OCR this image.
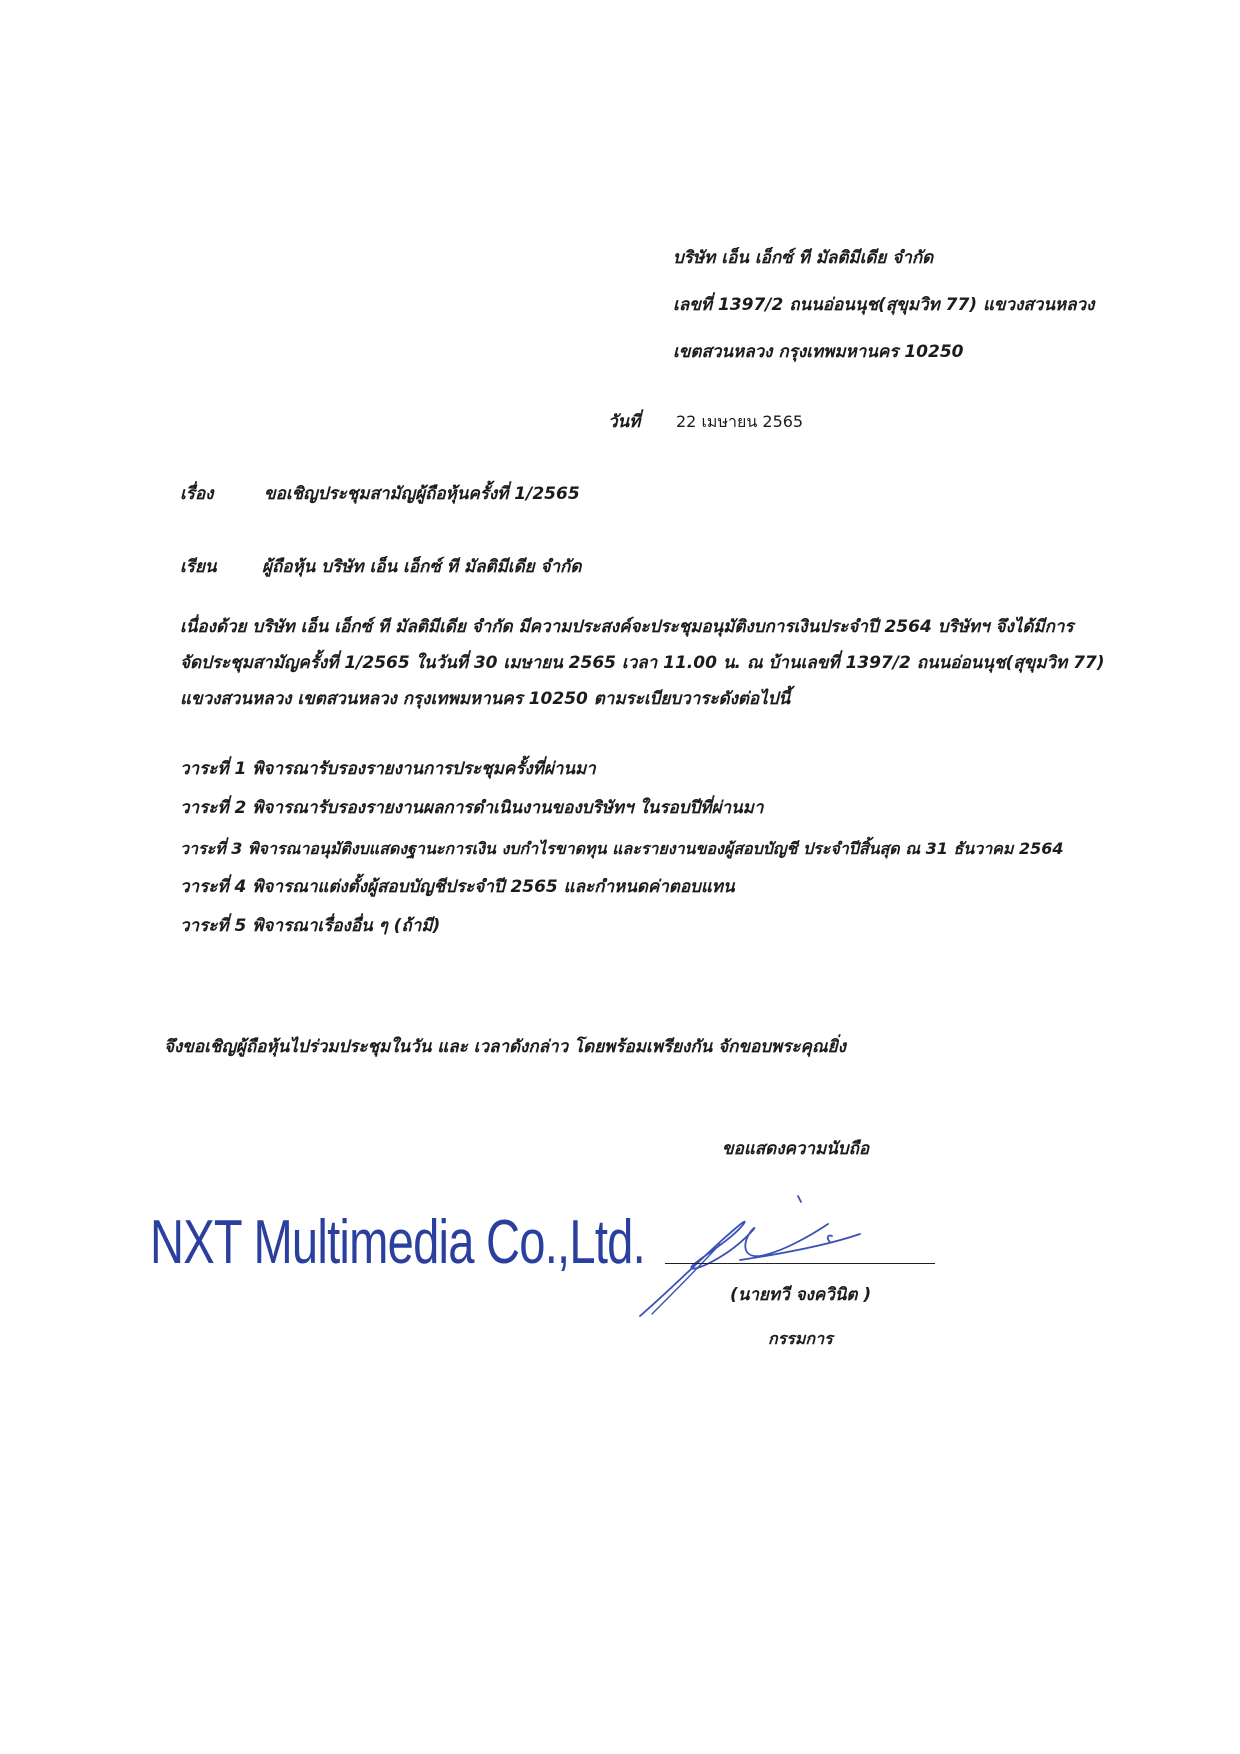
บริษัท เอ็น เอ็กซ์ ที มัลติมีเดีย จำกัด
เลขที่ 1397/2 ถนนอ่อนนุช(สุขุมวิท 77) แขวงสวนหลวง
เขตสวนหลวง กรุงเทพมหานคร 10250
วันที่ 22 เมษายน 2565
เรื่อง	ขอเชิญประชุมสามัญผู้ถือหุ้นครั้งที่ 1/2565
เรียน	ผู้ถือหุ้น บริษัท เอ็น เอ็กซ์ ที มัลติมีเดีย จำกัด
เนื่องด้วย บริษัท เอ็น เอ็กซ์ ที มัลติมีเดีย จำกัด มีความประสงค์จะประชุมอนุมัติงบการเงินประจำปี 2564 บริษัทฯ จึงได้มีการ
จัดประชุมสามัญครั้งที่ 1/2565 ในวันที่ 30 เมษายน 2565 เวลา 11.00 น. ณ บ้านเลขที่ 1397/2 ถนนอ่อนนุช(สุขุมวิท 77)
แขวงสวนหลวง เขตสวนหลวง กรุงเทพมหานคร 10250 ตามระเบียบวาระดังต่อไปนี้
วาระที่ 1 พิจารณารับรองรายงานการประชุมครั้งที่ผ่านมา
วาระที่ 2 พิจารณารับรองรายงานผลการดำเนินงานของบริษัทฯ ในรอบปีที่ผ่านมา
วาระที่ 3 พิจารณาอนุมัติงบแสดงฐานะการเงิน งบกำไรขาดทุน และรายงานของผู้สอบบัญชี ประจำปีสิ้นสุด ณ 31 ธันวาคม 2564
วาระที่ 4 พิจารณาแต่งตั้งผู้สอบบัญชีประจำปี 2565 และกำหนดค่าตอบแทน
วาระที่ 5 พิจารณาเรื่องอื่น ๆ (ถ้ามี)
จึงขอเชิญผู้ถือหุ้นไปร่วมประชุมในวัน และ เวลาดังกล่าว โดยพร้อมเพรียงกัน จักขอบพระคุณยิ่ง
ขอแสดงความนับถือ
NXT Multimedia Co.,Ltd.
(นายทวี จงควินิต )
กรรมการ
